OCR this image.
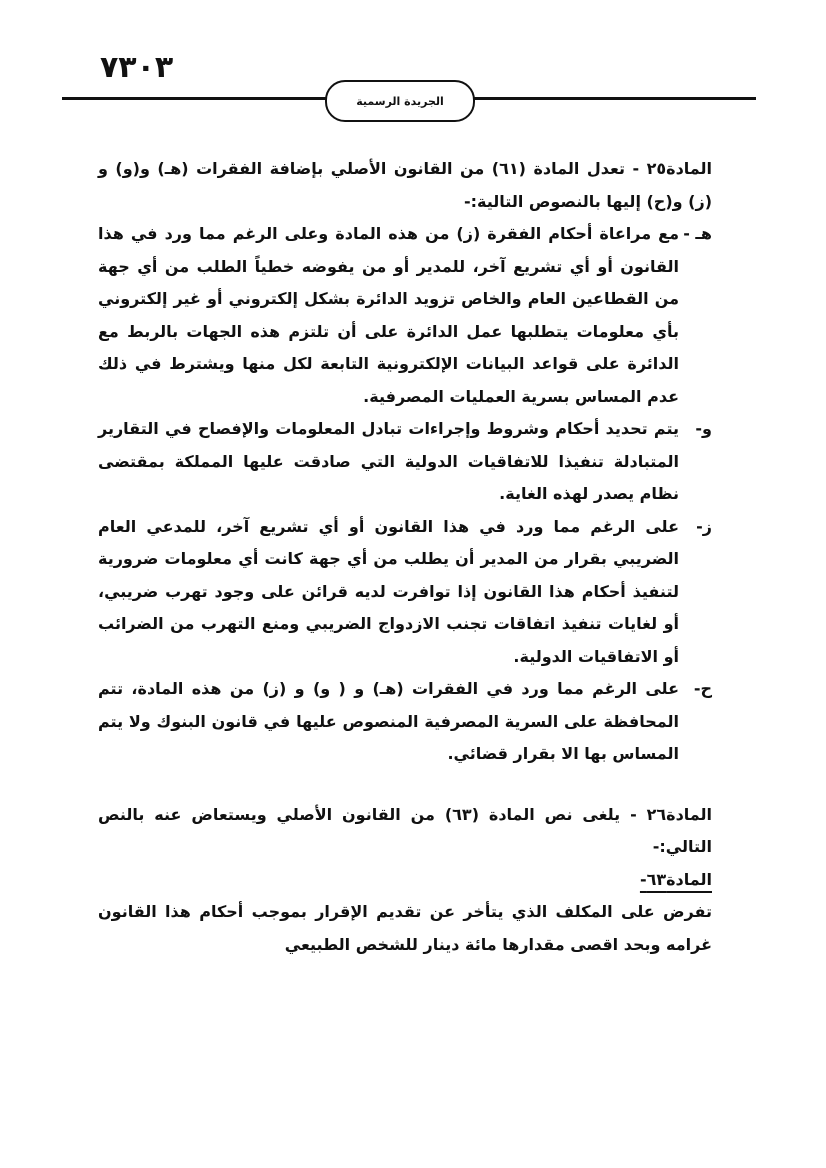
٧٣٠٣
الجريدة الرسمية

المادة٢٥ - تعدل المادة (٦١) من القانون الأصلي بإضافة الفقرات (هـ) و(و) و (ز) و(ح) إليها بالنصوص التالية:-

هـ -
مع مراعاة أحكام الفقرة (ز) من هذه المادة وعلى الرغم مما ورد في هذا القانون أو أي تشريع آخر، للمدير أو من يفوضه خطياً الطلب من أي جهة من القطاعين العام والخاص تزويد الدائرة بشكل إلكتروني أو غير إلكتروني بأي معلومات يتطلبها عمل الدائرة على أن تلتزم هذه الجهات بالربط مع الدائرة على قواعد البيانات الإلكترونية التابعة لكل منها ويشترط في ذلك عدم المساس بسرية العمليات المصرفية.
و-
يتم تحديد أحكام وشروط وإجراءات تبادل المعلومات والإفصاح في التقارير المتبادلة تنفيذا للاتفاقيات الدولية التي صادقت عليها المملكة بمقتضى نظام يصدر لهذه الغاية.
ز-
على الرغم مما ورد في هذا القانون أو أي تشريع آخر، للمدعي العام الضريبي بقرار من المدير أن يطلب من أي جهة كانت أي معلومات ضرورية لتنفيذ أحكام هذا القانون إذا توافرت لديه قرائن على وجود تهرب ضريبي، أو لغايات تنفيذ اتفاقات تجنب الازدواج الضريبي ومنع التهرب من الضرائب أو الاتفاقيات الدولية.
ح-
على الرغم مما ورد في الفقرات (هـ) و ( و) و (ز) من هذه المادة، تتم المحافظة على السرية المصرفية المنصوص عليها في قانون البنوك ولا يتم المساس بها الا بقرار قضائي.

المادة٢٦ - يلغى نص المادة (٦٣) من القانون الأصلي ويستعاض عنه بالنص التالي:-

المادة٦٣-

تفرض على المكلف الذي يتأخر عن تقديم الإقرار بموجب أحكام هذا القانون غرامه وبحد اقصى مقدارها مائة دينار للشخص الطبيعي
